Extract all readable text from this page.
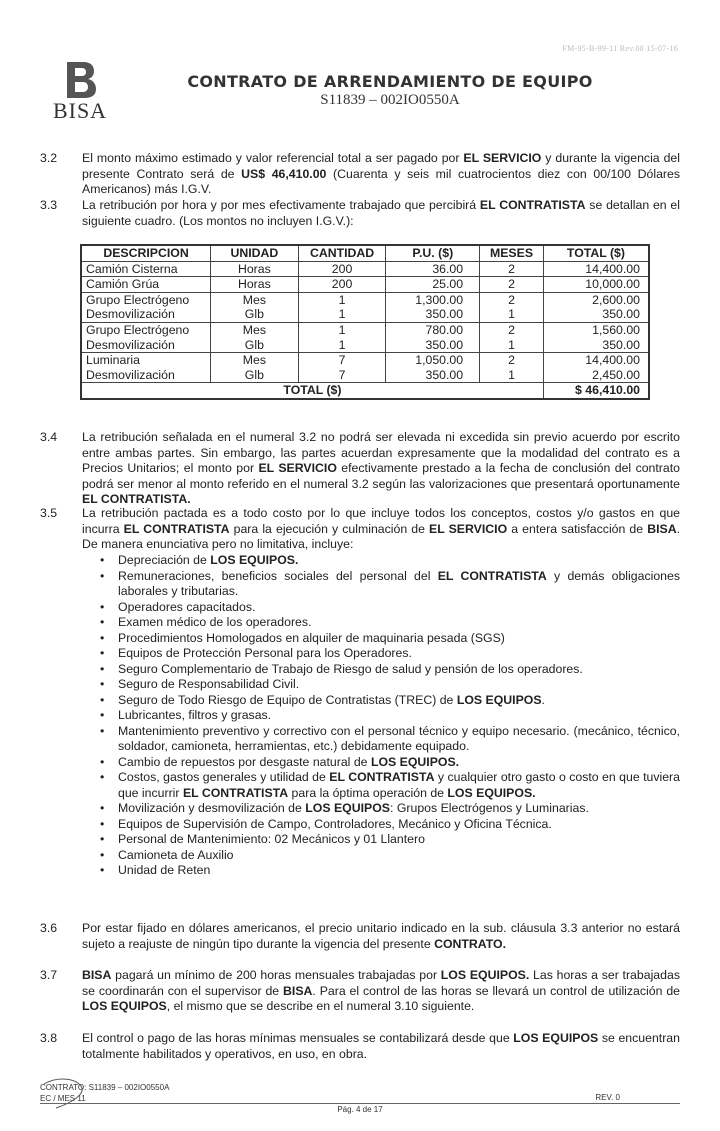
FM-95-B-99-11 Rev.00 15-07-16
BISA
CONTRATO DE ARRENDAMIENTO DE EQUIPO
S11839 – 002IO0550A
3.2	El monto máximo estimado y valor referencial total a ser pagado por EL SERVICIO y durante la vigencia del presente Contrato será de US$ 46,410.00 (Cuarenta y seis mil cuatrocientos diez con 00/100 Dólares Americanos) más I.G.V.
3.3	La retribución por hora y por mes efectivamente trabajado que percibirá EL CONTRATISTA se detallan en el siguiente cuadro. (Los montos no incluyen I.G.V.):
DESCRIPCION	UNIDAD	CANTIDAD	P.U. ($)	MESES	TOTAL ($)
Camión Cisterna	Horas	200	36.00	2	14,400.00
Camión Grúa	Horas	200	25.00	2	10,000.00
Grupo Electrógeno	Mes	1	1,300.00	2	2,600.00
Desmovilización	Glb	1	350.00	1	350.00
Grupo Electrógeno	Mes	1	780.00	2	1,560.00
Desmovilización	Glb	1	350.00	1	350.00
Luminaria	Mes	7	1,050.00	2	14,400.00
Desmovilización	Glb	7	350.00	1	2,450.00
TOTAL ($)					$ 46,410.00
3.4	La retribución señalada en el numeral 3.2 no podrá ser elevada ni excedida sin previo acuerdo por escrito entre ambas partes. Sin embargo, las partes acuerdan expresamente que la modalidad del contrato es a Precios Unitarios; el monto por EL SERVICIO efectivamente prestado a la fecha de conclusión del contrato podrá ser menor al monto referido en el numeral 3.2 según las valorizaciones que presentará oportunamente EL CONTRATISTA.
3.5	La retribución pactada es a todo costo por lo que incluye todos los conceptos, costos y/o gastos en que incurra EL CONTRATISTA para la ejecución y culminación de EL SERVICIO a entera satisfacción de BISA. De manera enunciativa pero no limitativa, incluye:
• Depreciación de LOS EQUIPOS.
• Remuneraciones, beneficios sociales del personal del EL CONTRATISTA y demás obligaciones laborales y tributarias.
• Operadores capacitados.
• Examen médico de los operadores.
• Procedimientos Homologados en alquiler de maquinaria pesada (SGS)
• Equipos de Protección Personal para los Operadores.
• Seguro Complementario de Trabajo de Riesgo de salud y pensión de los operadores.
• Seguro de Responsabilidad Civil.
• Seguro de Todo Riesgo de Equipo de Contratistas (TREC) de LOS EQUIPOS.
• Lubricantes, filtros y grasas.
• Mantenimiento preventivo y correctivo con el personal técnico y equipo necesario. (mecánico, técnico, soldador, camioneta, herramientas, etc.) debidamente equipado.
• Cambio de repuestos por desgaste natural de LOS EQUIPOS.
• Costos, gastos generales y utilidad de EL CONTRATISTA y cualquier otro gasto o costo en que tuviera que incurrir EL CONTRATISTA para la óptima operación de LOS EQUIPOS.
• Movilización y desmovilización de LOS EQUIPOS: Grupos Electrógenos y Luminarias.
• Equipos de Supervisión de Campo, Controladores, Mecánico y Oficina Técnica.
• Personal de Mantenimiento: 02 Mecánicos y 01 Llantero
• Camioneta de Auxilio
• Unidad de Reten
3.6	Por estar fijado en dólares americanos, el precio unitario indicado en la sub. cláusula 3.3 anterior no estará sujeto a reajuste de ningún tipo durante la vigencia del presente CONTRATO.
3.7	BISA pagará un mínimo de 200 horas mensuales trabajadas por LOS EQUIPOS. Las horas a ser trabajadas se coordinarán con el supervisor de BISA. Para el control de las horas se llevará un control de utilización de LOS EQUIPOS, el mismo que se describe en el numeral 3.10 siguiente.
3.8	El control o pago de las horas mínimas mensuales se contabilizará desde que LOS EQUIPOS se encuentran totalmente habilitados y operativos, en uso, en obra.
CONTRATO: S11839 – 002IO0550A
EC / MES 11	REV. 0
Pág. 4 de 17
